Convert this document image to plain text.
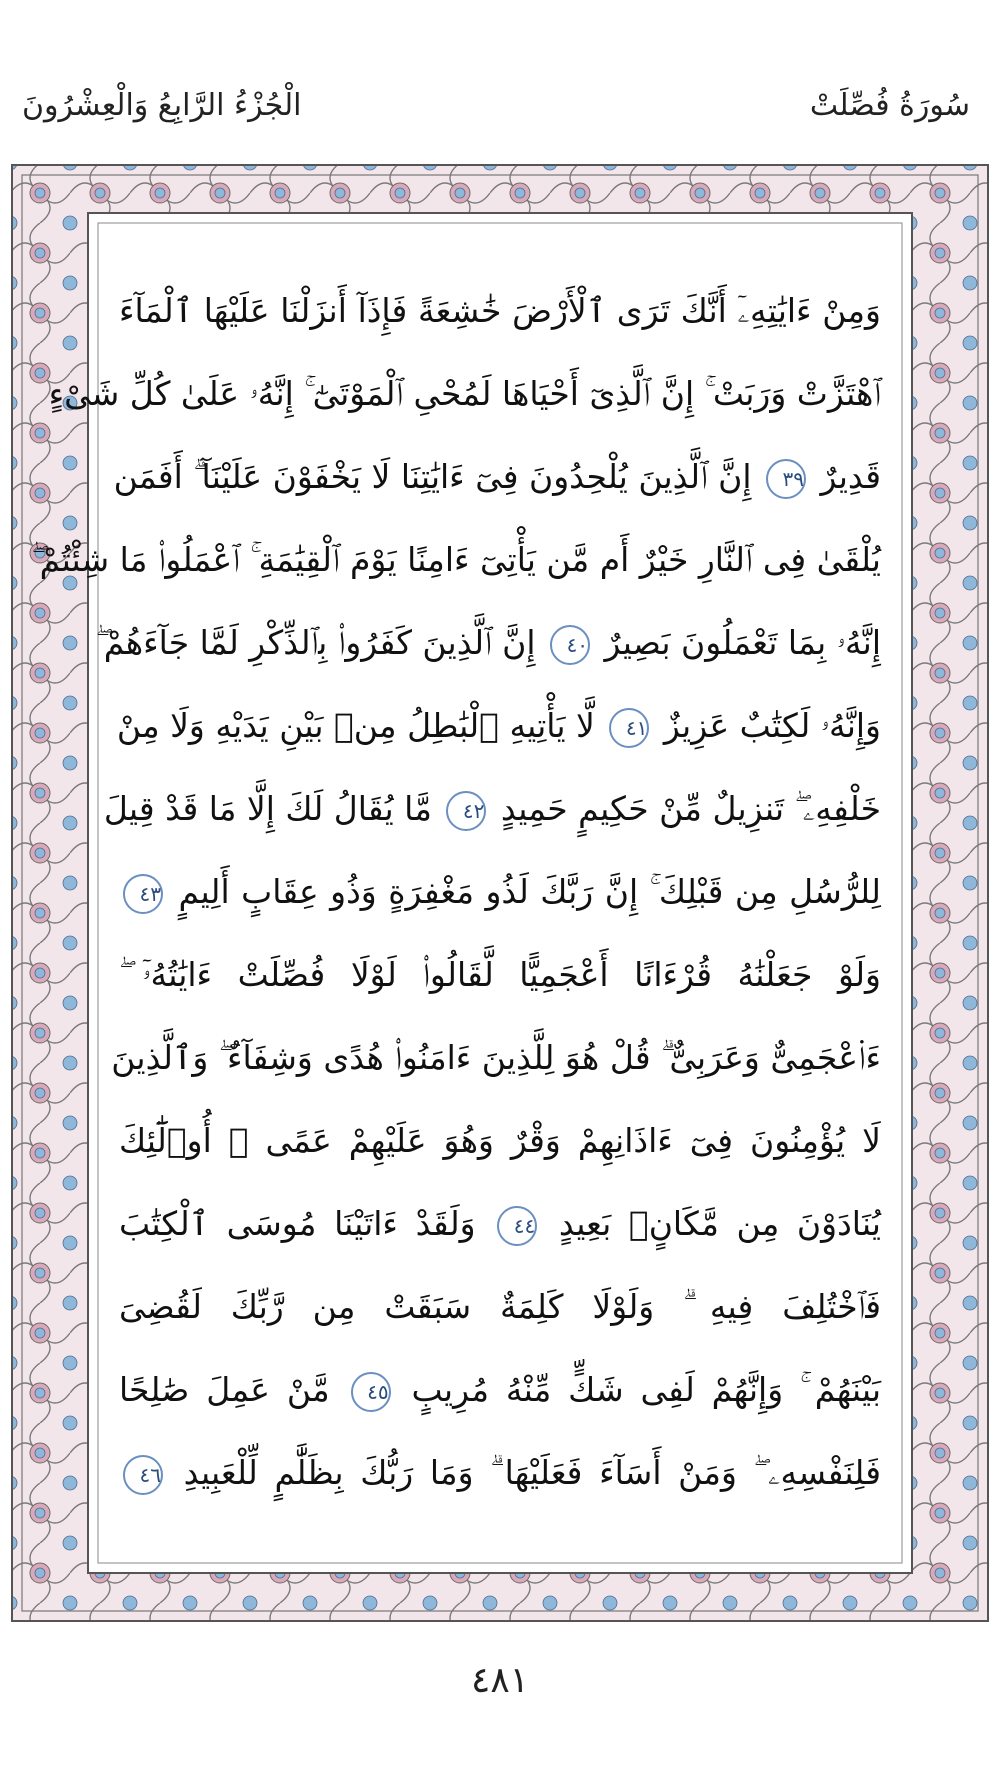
الْجُزْءُ الرَّابِعُ وَالْعِشْرُونَ	سُورَةُ فُصِّلَتْ
وَمِنْ ءَايَٰتِهِۦٓ أَنَّكَ تَرَى ٱلْأَرْضَ خَٰشِعَةً فَإِذَآ أَنزَلْنَا عَلَيْهَا ٱلْمَآءَ
ٱهْتَزَّتْ وَرَبَتْ ۚ إِنَّ ٱلَّذِىٓ أَحْيَاهَا لَمُحْىِ ٱلْمَوْتَىٰٓ ۚ إِنَّهُۥ عَلَىٰ كُلِّ شَىْءٍ
قَدِيرٌ ٣٩ إِنَّ ٱلَّذِينَ يُلْحِدُونَ فِىٓ ءَايَٰتِنَا لَا يَخْفَوْنَ عَلَيْنَآ ۗ أَفَمَن
يُلْقَىٰ فِى ٱلنَّارِ خَيْرٌ أَم مَّن يَأْتِىٓ ءَامِنًا يَوْمَ ٱلْقِيَٰمَةِ ۚ ٱعْمَلُوا۟ مَا شِئْتُمْ ۖ
إِنَّهُۥ بِمَا تَعْمَلُونَ بَصِيرٌ ٤٠ إِنَّ ٱلَّذِينَ كَفَرُوا۟ بِٱلذِّكْرِ لَمَّا جَآءَهُمْ ۖ
وَإِنَّهُۥ لَكِتَٰبٌ عَزِيزٌ ٤١ لَّا يَأْتِيهِ ٱلْبَٰطِلُ مِنۢ بَيْنِ يَدَيْهِ وَلَا مِنْ
خَلْفِهِۦ ۖ تَنزِيلٌ مِّنْ حَكِيمٍ حَمِيدٍ ٤٢ مَّا يُقَالُ لَكَ إِلَّا مَا قَدْ قِيلَ
لِلرُّسُلِ مِن قَبْلِكَ ۚ إِنَّ رَبَّكَ لَذُو مَغْفِرَةٍ وَذُو عِقَابٍ أَلِيمٍ ٤٣
وَلَوْ جَعَلْنَٰهُ قُرْءَانًا أَعْجَمِيًّا لَّقَالُوا۟ لَوْلَا فُصِّلَتْ ءَايَٰتُهُۥٓ ۖ
ءَا۬عْجَمِىٌّ وَعَرَبِىٌّ ۗ قُلْ هُوَ لِلَّذِينَ ءَامَنُوا۟ هُدًى وَشِفَآءٌ ۖ وَٱلَّذِينَ
لَا يُؤْمِنُونَ فِىٓ ءَاذَانِهِمْ وَقْرٌ وَهُوَ عَلَيْهِمْ عَمًى ۚ أُو۟لَٰٓئِكَ
يُنَادَوْنَ مِن مَّكَانٍۭ بَعِيدٍ ٤٤ وَلَقَدْ ءَاتَيْنَا مُوسَى ٱلْكِتَٰبَ
فَٱخْتُلِفَ فِيهِ ۗ وَلَوْلَا كَلِمَةٌ سَبَقَتْ مِن رَّبِّكَ لَقُضِىَ
بَيْنَهُمْ ۚ وَإِنَّهُمْ لَفِى شَكٍّ مِّنْهُ مُرِيبٍ ٤٥ مَّنْ عَمِلَ صَٰلِحًا
فَلِنَفْسِهِۦ ۖ وَمَنْ أَسَآءَ فَعَلَيْهَا ۗ وَمَا رَبُّكَ بِظَلَّٰمٍ لِّلْعَبِيدِ ٤٦
٤٨١
